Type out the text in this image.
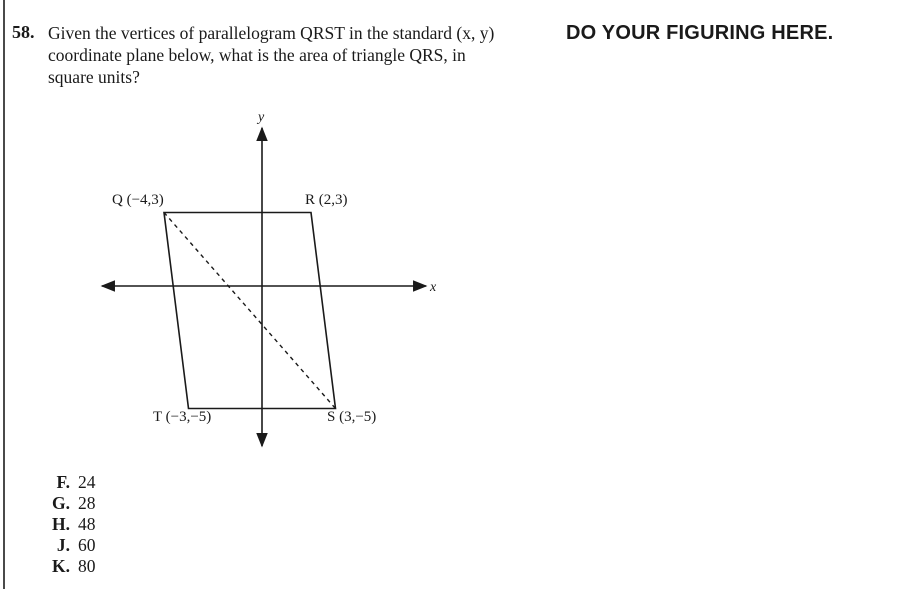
58. Given the vertices of parallelogram QRST in the standard (x, y) coordinate plane below, what is the area of triangle QRS, in square units?
DO YOUR FIGURING HERE.
y
x
Q (−4,3)	R (2,3)
S (3,−5)
T (−3,−5)
F. 24
G. 28
H. 48
J. 60
K. 80
